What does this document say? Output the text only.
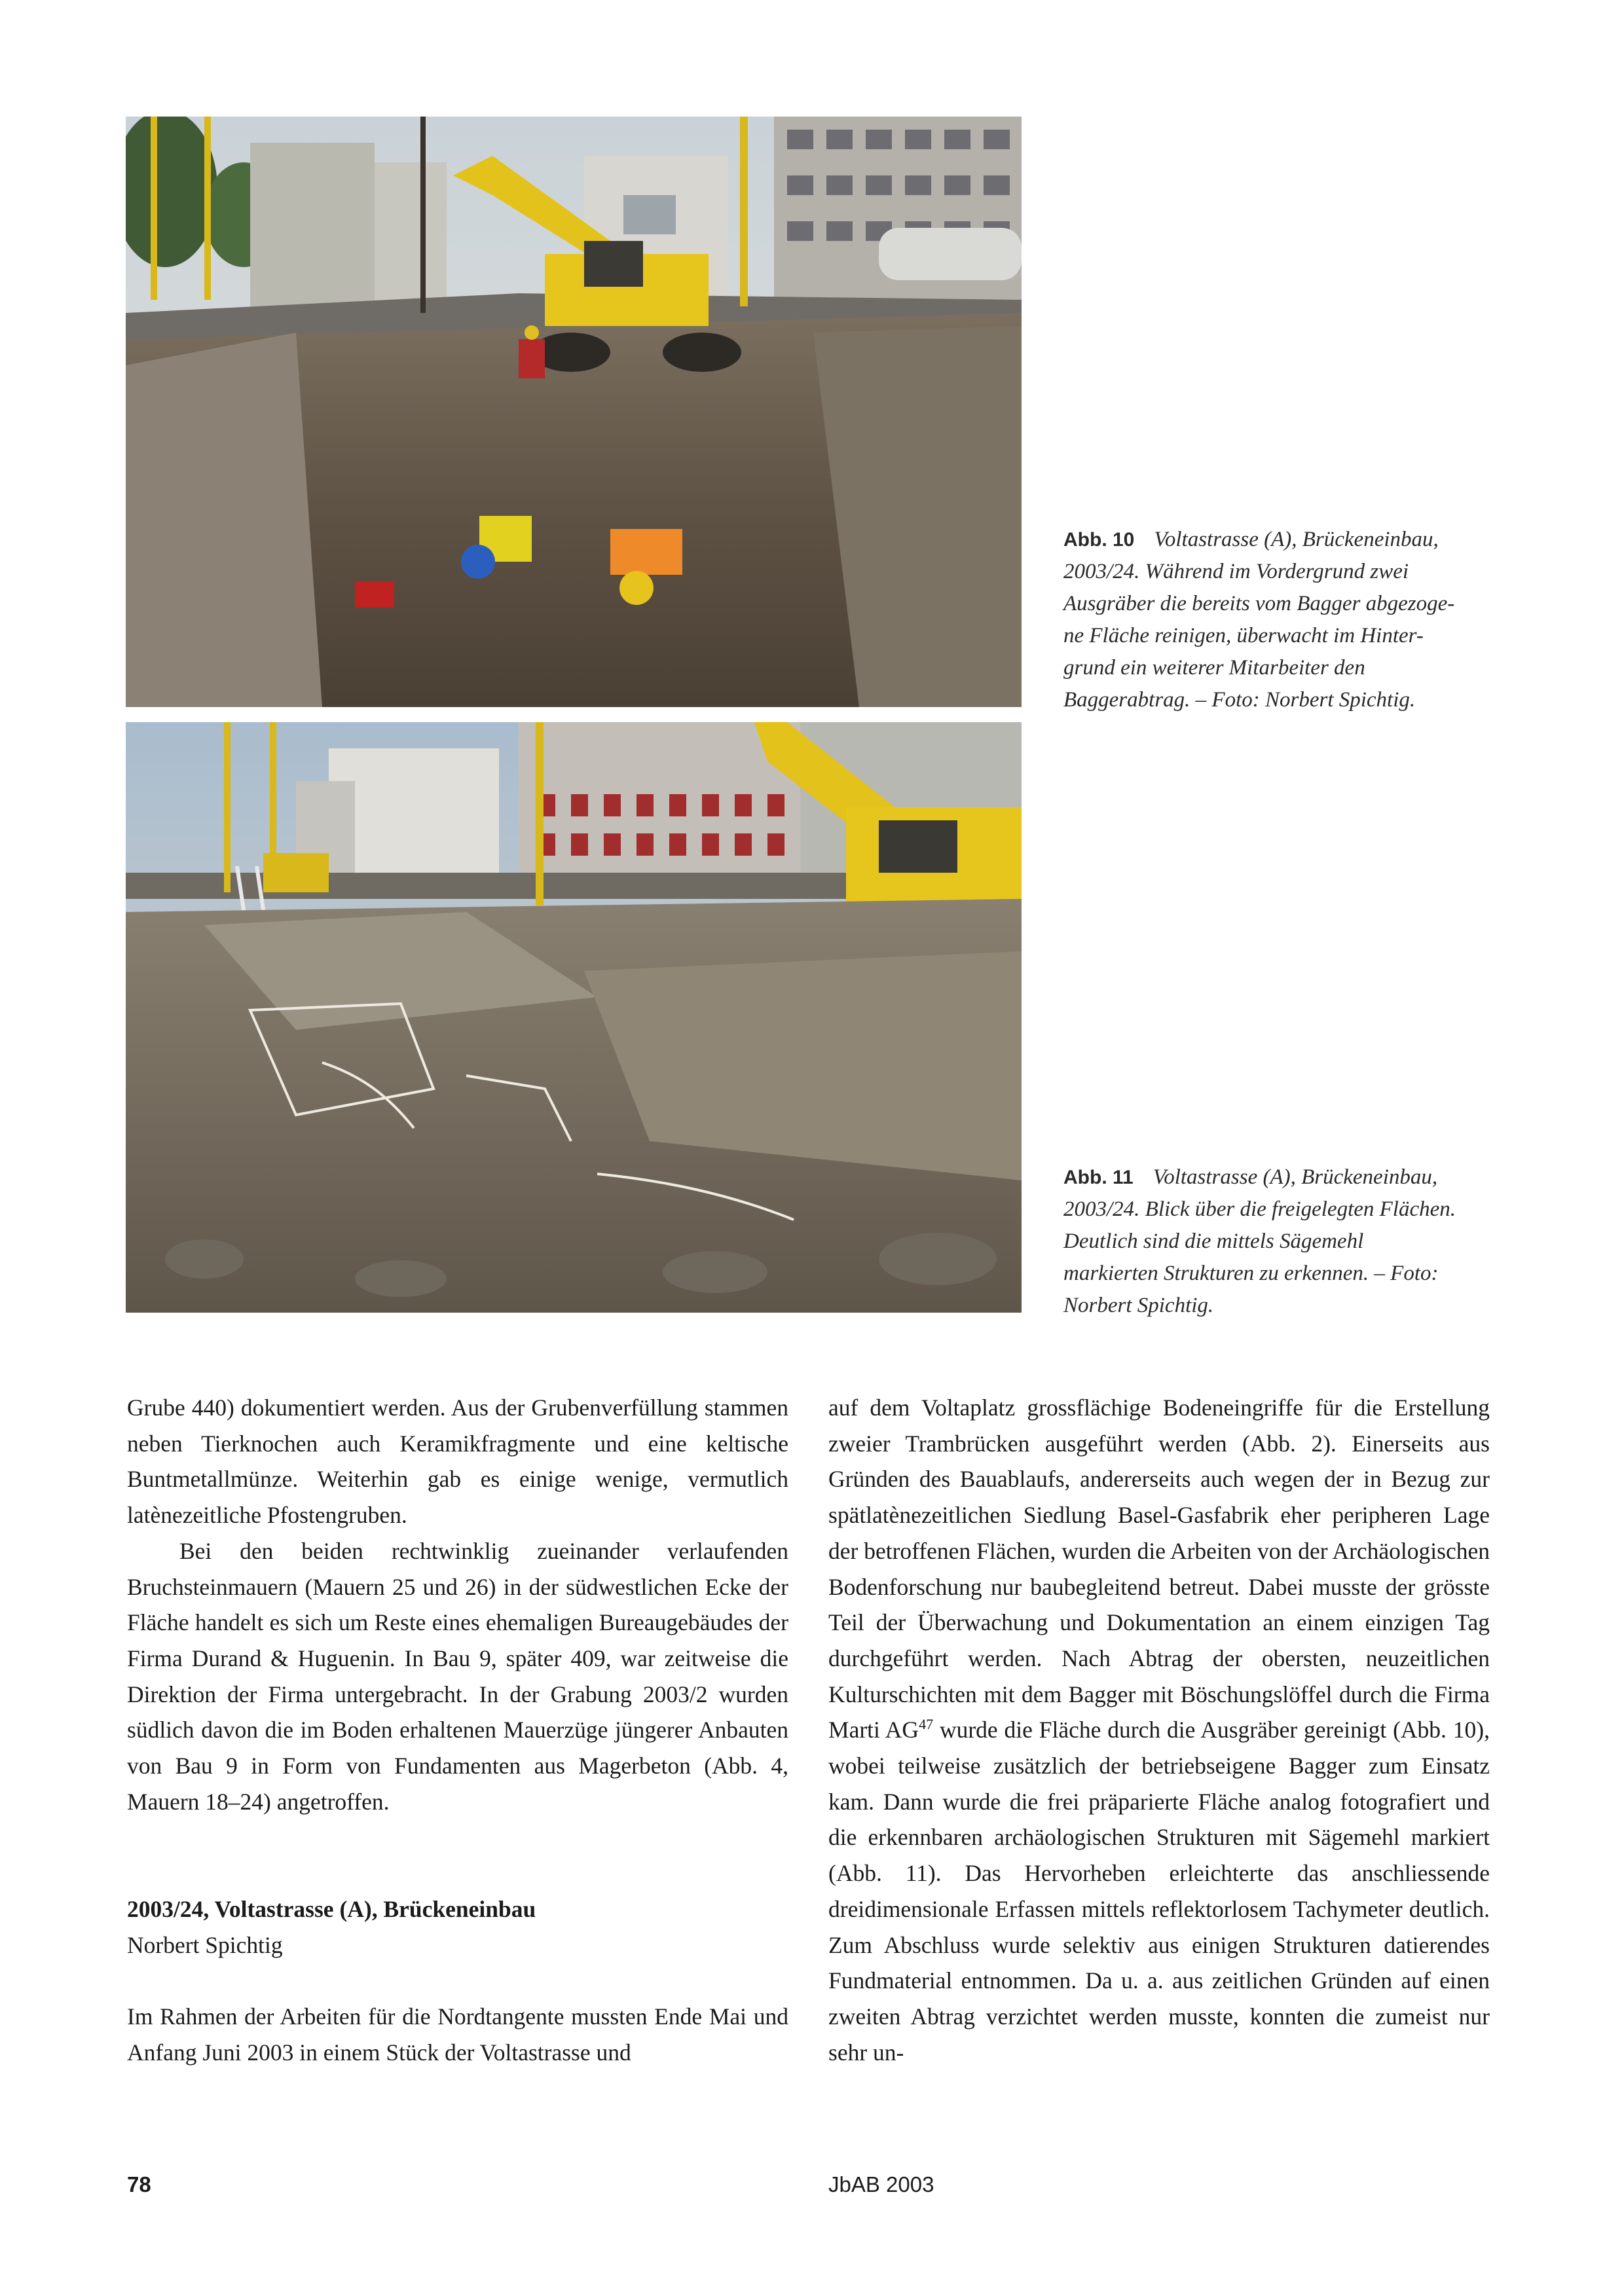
Abb. 10 Voltastrasse (A), Brückeneinbau,
2003/24. Während im Vordergrund zwei
Ausgräber die bereits vom Bagger abgezoge-
ne Fläche reinigen, überwacht im Hinter-
grund ein weiterer Mitarbeiter den
Baggerabtrag. – Foto: Norbert Spichtig.
Abb. 11 Voltastrasse (A), Brückeneinbau,
2003/24. Blick über die freigelegten Flächen.
Deutlich sind die mittels Sägemehl
markierten Strukturen zu erkennen. – Foto:
Norbert Spichtig.

Grube 440) dokumentiert werden. Aus der Grubenverfüllung stammen neben Tierknochen auch Keramikfragmente und eine keltische Buntmetallmünze. Weiterhin gab es einige wenige, vermutlich latènezeitliche Pfostengruben.

Bei den beiden rechtwinklig zueinander verlaufenden Bruchsteinmauern (Mauern 25 und 26) in der südwestlichen Ecke der Fläche handelt es sich um Reste eines ehemaligen Bureaugebäudes der Firma Durand & Huguenin. In Bau 9, später 409, war zeitweise die Direktion der Firma untergebracht. In der Grabung 2003/2 wurden südlich davon die im Boden erhaltenen Mauerzüge jüngerer Anbauten von Bau 9 in Form von Fundamenten aus Magerbeton (Abb. 4, Mauern 18–24) angetroffen.

2003/24, Voltastrasse (A), Brückeneinbau

Norbert Spichtig

Im Rahmen der Arbeiten für die Nordtangente mussten Ende Mai und Anfang Juni 2003 in einem Stück der Voltastrasse und

auf dem Voltaplatz grossflächige Bodeneingriffe für die Erstellung zweier Trambrücken ausgeführt werden (Abb. 2). Einerseits aus Gründen des Bauablaufs, andererseits auch wegen der in Bezug zur spätlatènezeitlichen Siedlung Basel-Gasfabrik eher peripheren Lage der betroffenen Flächen, wurden die Arbeiten von der Archäologischen Bodenforschung nur baubegleitend betreut. Dabei musste der grösste Teil der Überwachung und Dokumentation an einem einzigen Tag durchgeführt werden. Nach Abtrag der obersten, neuzeitlichen Kulturschichten mit dem Bagger mit Böschungslöffel durch die Firma Marti AG$^{47}$ wurde die Fläche durch die Ausgräber gereinigt (Abb. 10), wobei teilweise zusätzlich der betriebseigene Bagger zum Einsatz kam. Dann wurde die frei präparierte Fläche analog fotografiert und die erkennbaren archäologischen Strukturen mit Sägemehl markiert (Abb. 11). Das Hervorheben erleichterte das anschliessende dreidimensionale Erfassen mittels reflektorlosem Tachymeter deutlich. Zum Abschluss wurde selektiv aus einigen Strukturen datierendes Fundmaterial entnommen. Da u. a. aus zeitlichen Gründen auf einen zweiten Abtrag verzichtet werden musste, konnten die zumeist nur sehr un-

78	JbAB 2003
